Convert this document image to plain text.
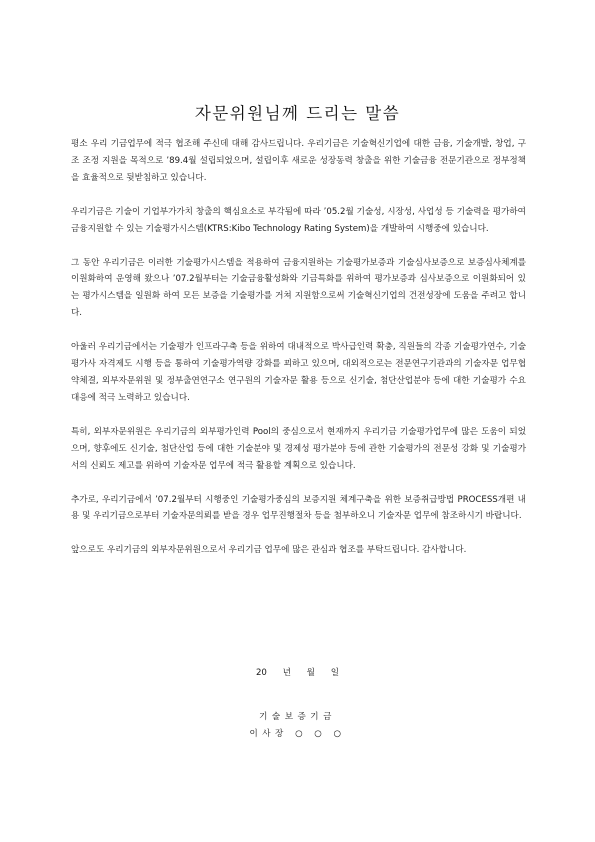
자문위원님께 드리는 말씀

평소 우리 기금업무에 적극 협조해 주신데 대해 감사드립니다. 우리기금은 기술혁신기업에 대한 금융, 기술개발, 창업, 구조 조정 지원을 목적으로 ’89.4월 설립되었으며, 설립이후 새로운 성장동력 창출을 위한 기술금융 전문기관으로 정부정책을 효율적으로 뒷받침하고 있습니다.

우리기금은 기술이 기업부가가치 창출의 핵심요소로 부각됨에 따라 ’05.2월 기술성, 시장성, 사업성 등 기술력을 평가하여 금융지원할 수 있는 기술평가시스템(KTRS:Kibo Technology Rating System)을 개발하여 시행중에 있습니다.

그 동안 우리기금은 이러한 기술평가시스템을 적용하여 금융지원하는 기술평가보증과 기술심사보증으로 보증심사체계를 이원화하여 운영해 왔으나 ’07.2월부터는 기술금융활성화와 기금특화를 위하여 평가보증과 심사보증으로 이원화되어 있는 평가시스템을 일원화 하여 모든 보증을 기술평가를 거쳐 지원함으로써 기술혁신기업의 건전성장에 도움을 주려고 합니다.

아울러 우리기금에서는 기술평가 인프라구축 등을 위하여 대내적으로 박사급인력 확충, 직원들의 각종 기술평가연수, 기술평가사 자격제도 시행 등을 통하여 기술평가역량 강화를 꾀하고 있으며, 대외적으로는 전문연구기관과의 기술자문 업무협약체결, 외부자문위원 및 정부출연연구소 연구원의 기술자문 활용 등으로 신기술, 첨단산업분야 등에 대한 기술평가 수요대응에 적극 노력하고 있습니다.

특히, 외부자문위원은 우리기금의 외부평가인력 Pool의 중심으로서 현재까지 우리기금 기술평가업무에 많은 도움이 되었으며, 향후에도 신기술, 첨단산업 등에 대한 기술분야 및 경제성 평가분야 등에 관한 기술평가의 전문성 강화 및 기술평가서의 신뢰도 제고를 위하여 기술자문 업무에 적극 활용할 계획으로 있습니다.

추가로, 우리기금에서 ’07.2월부터 시행중인 기술평가중심의 보증지원 체계구축을 위한 보증취급방법 PROCESS개편 내용 및 우리기금으로부터 기술자문의뢰를 받을 경우 업무진행절차 등을 첨부하오니 기술자문 업무에 참조하시기 바랍니다.

앞으로도 우리기금의 외부자문위원으로서 우리기금 업무에 많은 관심과 협조를 부탁드립니다. 감사합니다.

20 년 월 일
기술보증기금
이사장 ○ ○ ○
